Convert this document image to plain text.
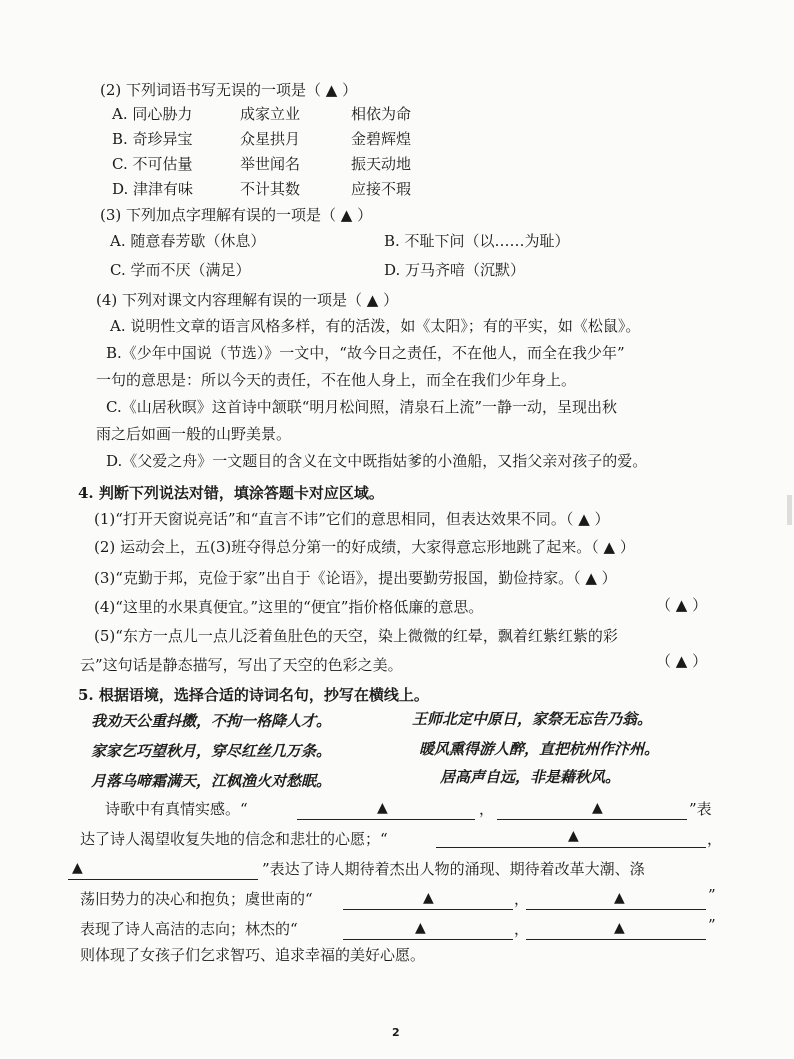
(2) 下列词语书写无误的一项是（ ▲ ）
A. 同心胁力	成家立业	相依为命
B. 奇珍异宝	众星拱月	金碧辉煌
C. 不可估量	举世闻名	振天动地
D. 津津有味	不计其数	应接不瑕
(3) 下列加点字理解有误的一项是（ ▲ ）
A. 随意春芳歇（休息）	B. 不耻下问（以……为耻）
C. 学而不厌（满足）	D. 万马齐喑（沉默）
(4) 下列对课文内容理解有误的一项是（ ▲ ）
A. 说明性文章的语言风格多样，有的活泼，如《太阳》；有的平实，如《松鼠》。
B.《少年中国说（节选）》一文中，“故今日之责任，不在他人，而全在我少年”
一句的意思是：所以今天的责任，不在他人身上，而全在我们少年身上。
C.《山居秋暝》这首诗中颔联“明月松间照，清泉石上流”一静一动，呈现出秋
雨之后如画一般的山野美景。
D.《父爱之舟》一文题目的含义在文中既指姑爹的小渔船，又指父亲对孩子的爱。
4. 判断下列说法对错，填涂答题卡对应区域。
(1)“打开天窗说亮话”和“直言不讳”它们的意思相同，但表达效果不同。（ ▲ ）
(2) 运动会上，五(3)班夺得总分第一的好成绩，大家得意忘形地跳了起来。（ ▲ ）
(3)“克勤于邦，克俭于家”出自于《论语》，提出要勤劳报国，勤俭持家。（ ▲ ）
(4)“这里的水果真便宜。”这里的“便宜”指价格低廉的意思。	（ ▲ ）
(5)“东方一点儿一点儿泛着鱼肚色的天空，染上微微的红晕，飘着红紫红紫的彩
云”这句话是静态描写，写出了天空的色彩之美。	（ ▲ ）
5. 根据语境，选择合适的诗词名句，抄写在横线上。
我劝天公重抖擞，不拘一格降人才。	王师北定中原日，家祭无忘告乃翁。
家家乞巧望秋月，穿尽红丝几万条。	暖风熏得游人醉，直把杭州作汴州。
月落乌啼霜满天，江枫渔火对愁眠。	居高声自远，非是藉秋风。
诗歌中有真情实感。“	▲	，	▲	”表
达了诗人渴望收复失地的信念和悲壮的心愿；“	▲	，
▲	”表达了诗人期待着杰出人物的涌现、期待着改革大潮、涤
荡旧势力的决心和抱负；虞世南的“	▲	，	▲	”
表现了诗人高洁的志向；林杰的“	▲	，	▲	”
则体现了女孩子们乞求智巧、追求幸福的美好心愿。
2
